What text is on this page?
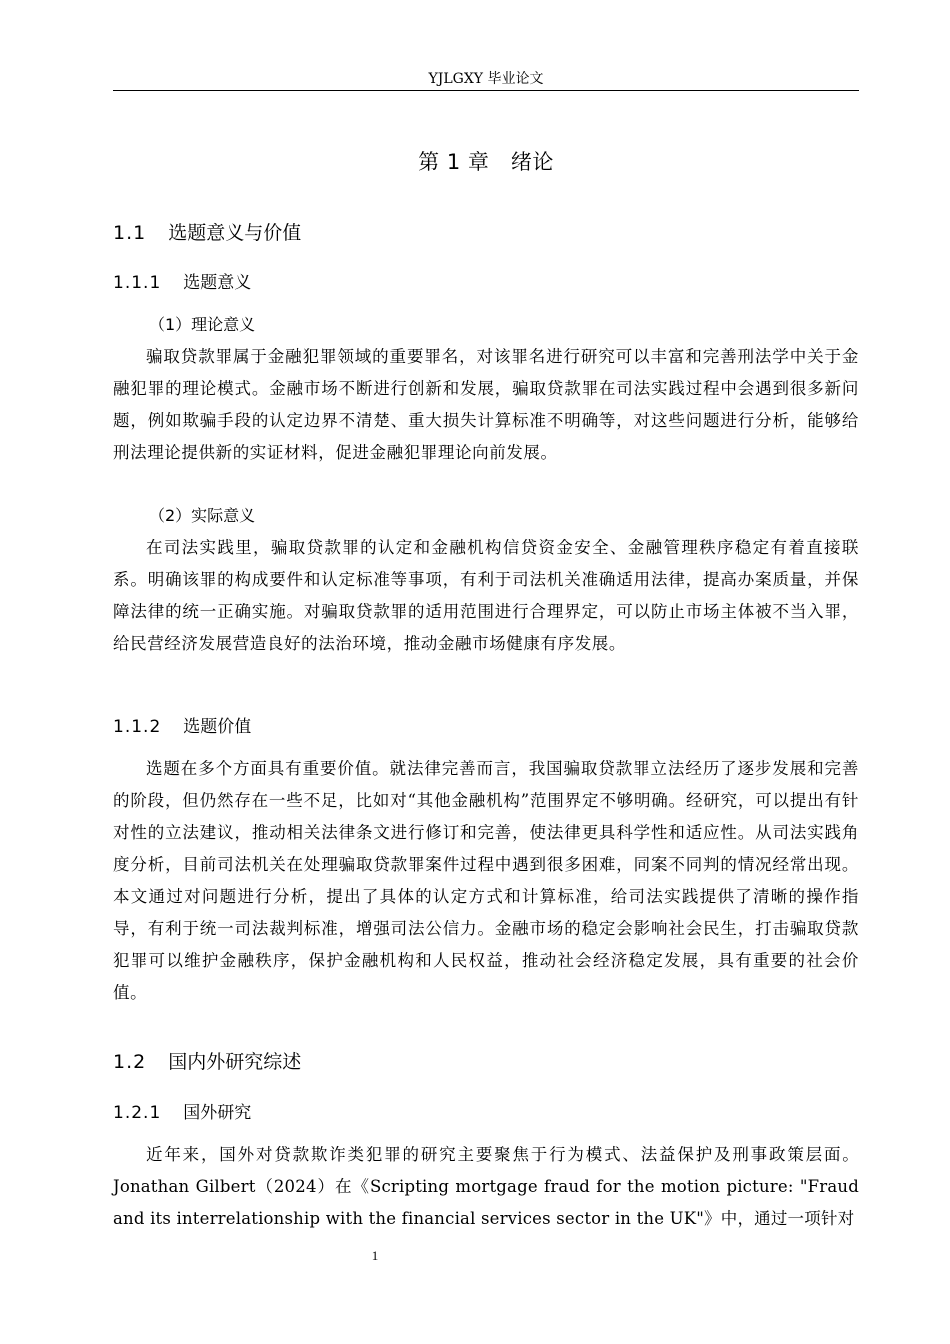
YJLGXY 毕业论文
第 1 章　绪论
1.1 选题意义与价值
1.1.1 选题意义
（1）理论意义
骗取贷款罪属于金融犯罪领域的重要罪名，对该罪名进行研究可以丰富和完善刑法学中关于金融犯罪的理论模式。金融市场不断进行创新和发展，骗取贷款罪在司法实践过程中会遇到很多新问题，例如欺骗手段的认定边界不清楚、重大损失计算标准不明确等，对这些问题进行分析，能够给刑法理论提供新的实证材料，促进金融犯罪理论向前发展。
（2）实际意义
在司法实践里，骗取贷款罪的认定和金融机构信贷资金安全、金融管理秩序稳定有着直接联系。明确该罪的构成要件和认定标准等事项，有利于司法机关准确适用法律，提高办案质量，并保障法律的统一正确实施。对骗取贷款罪的适用范围进行合理界定，可以防止市场主体被不当入罪，给民营经济发展营造良好的法治环境，推动金融市场健康有序发展。
1.1.2 选题价值
选题在多个方面具有重要价值。就法律完善而言，我国骗取贷款罪立法经历了逐步发展和完善的阶段，但仍然存在一些不足，比如对“其他金融机构”范围界定不够明确。经研究，可以提出有针对性的立法建议，推动相关法律条文进行修订和完善，使法律更具科学性和适应性。从司法实践角度分析，目前司法机关在处理骗取贷款罪案件过程中遇到很多困难，同案不同判的情况经常出现。本文通过对问题进行分析，提出了具体的认定方式和计算标准，给司法实践提供了清晰的操作指导，有利于统一司法裁判标准，增强司法公信力。金融市场的稳定会影响社会民生，打击骗取贷款犯罪可以维护金融秩序，保护金融机构和人民权益，推动社会经济稳定发展，具有重要的社会价值。
1.2 国内外研究综述
1.2.1 国外研究
近年来，国外对贷款欺诈类犯罪的研究主要聚焦于行为模式、法益保护及刑事政策层面。Jonathan Gilbert（2024）在《Scripting mortgage fraud for the motion picture: "Fraud and its interrelationship with the financial services sector in the UK"》中，通过一项针对
1
